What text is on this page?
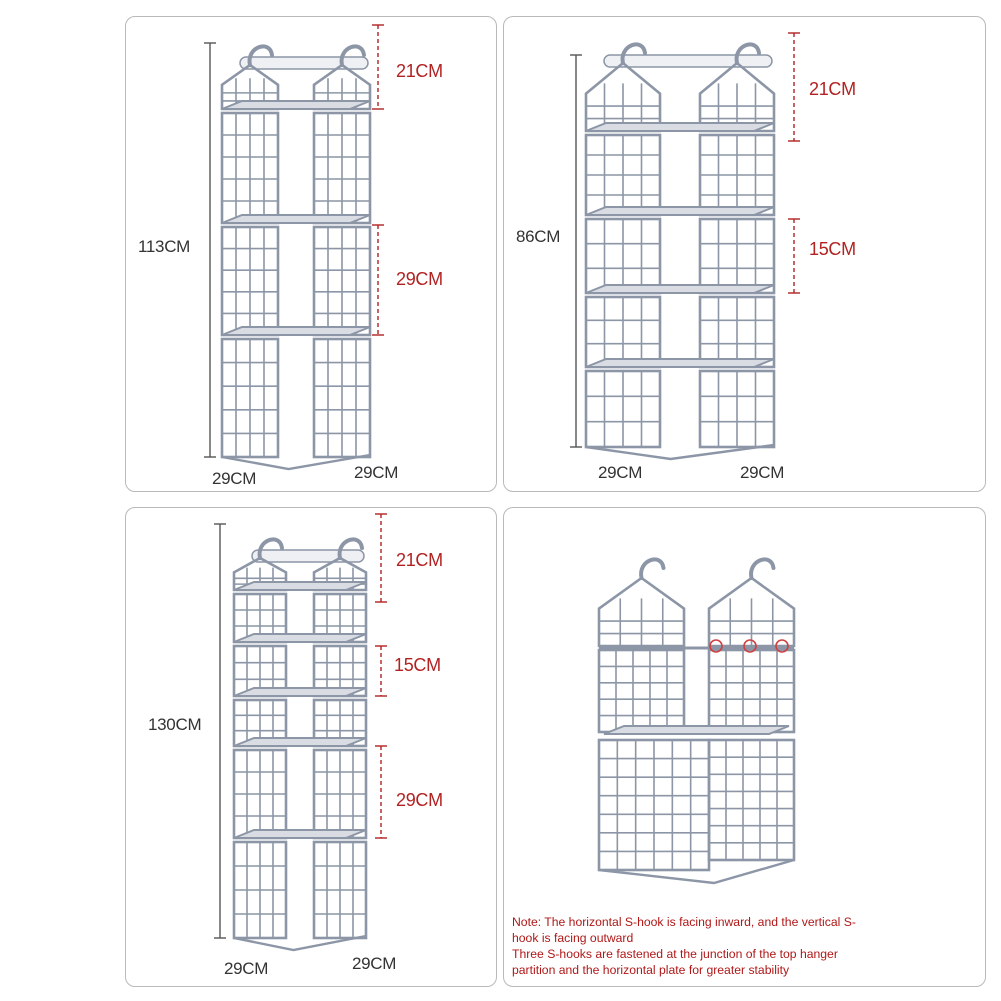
113CM
21CM
29CM
29CM	29CM
86CM
21CM
15CM
29CM	29CM
130CM
21CM
15CM
29CM
29CM	29CM

Note: The horizontal S-hook is facing inward, and the vertical S-hook is facing outward

Three S-hooks are fastened at the junction of the top hanger partition and the horizontal plate for greater stability
